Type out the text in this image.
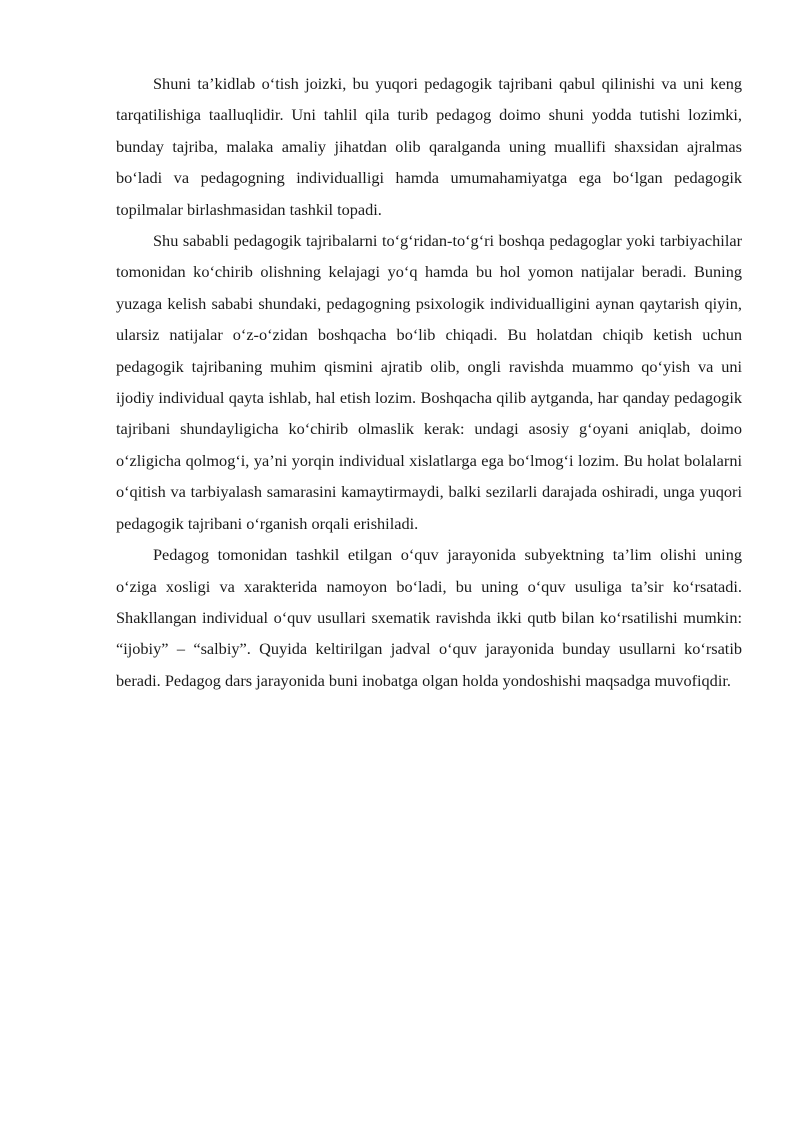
Shuni ta’kidlab o‘tish joizki, bu yuqori pedagogik tajribani qabul qilinishi va uni keng tarqatilishiga taalluqlidir. Uni tahlil qila turib pedagog doimo shuni yodda tutishi lozimki, bunday tajriba, malaka amaliy jihatdan olib qaralganda uning muallifi shaxsidan ajralmas bo‘ladi va pedagogning individualligi hamda umumahamiyatga ega bo‘lgan pedagogik topilmalar birlashmasidan tashkil topadi.

Shu sababli pedagogik tajribalarni to‘g‘ridan-to‘g‘ri boshqa pedagoglar yoki tarbiyachilar tomonidan ko‘chirib olishning kelajagi yo‘q hamda bu hol yomon natijalar beradi. Buning yuzaga kelish sababi shundaki, pedagogning psixologik individualligini aynan qaytarish qiyin, ularsiz natijalar o‘z-o‘zidan boshqacha bo‘lib chiqadi. Bu holatdan chiqib ketish uchun pedagogik tajribaning muhim qismini ajratib olib, ongli ravishda muammo qo‘yish va uni ijodiy individual qayta ishlab, hal etish lozim. Boshqacha qilib aytganda, har qanday pedagogik tajribani shundayligicha ko‘chirib olmaslik kerak: undagi asosiy g‘oyani aniqlab, doimo o‘zligicha qolmog‘i, ya’ni yorqin individual xislatlarga ega bo‘lmog‘i lozim. Bu holat bolalarni o‘qitish va tarbiyalash samarasini kamaytirmaydi, balki sezilarli darajada oshiradi, unga yuqori pedagogik tajribani o‘rganish orqali erishiladi.

Pedagog tomonidan tashkil etilgan o‘quv jarayonida subyektning ta’lim olishi uning o‘ziga xosligi va xarakterida namoyon bo‘ladi, bu uning o‘quv usuliga ta’sir ko‘rsatadi. Shakllangan individual o‘quv usullari sxematik ravishda ikki qutb bilan ko‘rsatilishi mumkin: “ijobiy” – “salbiy”. Quyida keltirilgan jadval o‘quv jarayonida bunday usullarni ko‘rsatib beradi. Pedagog dars jarayonida buni inobatga olgan holda yondoshishi maqsadga muvofiqdir.
